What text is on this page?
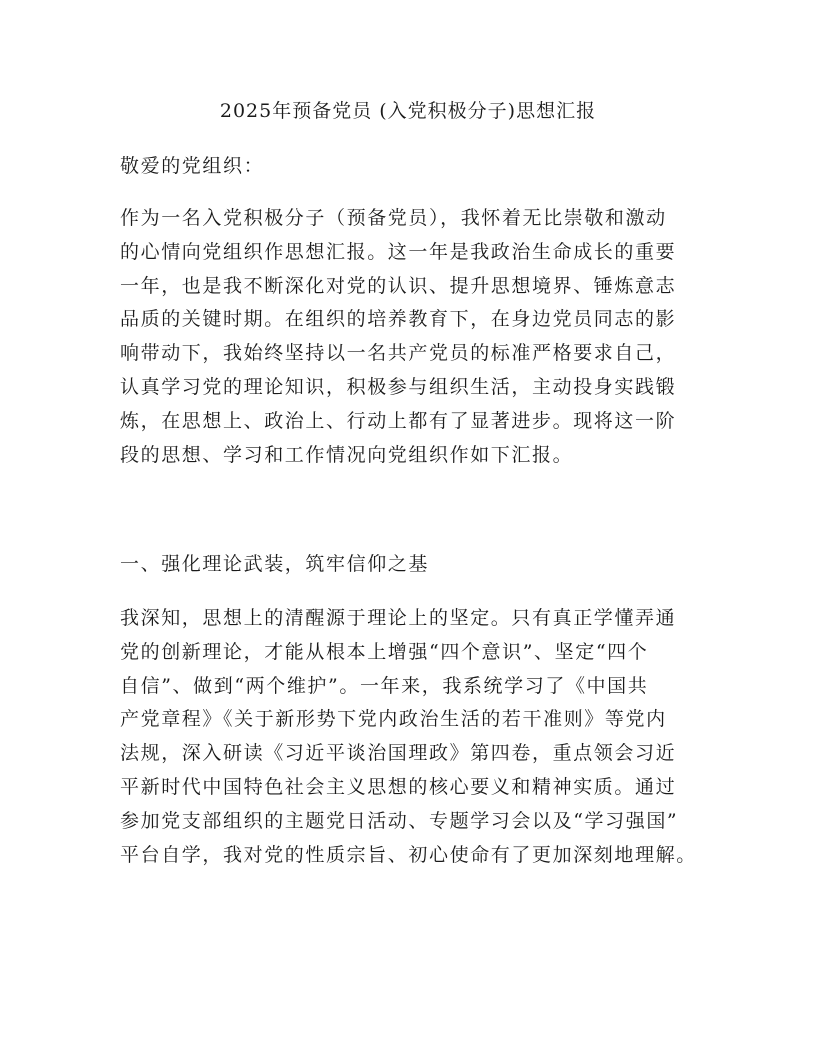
2025年预备党员 (入党积极分子)思想汇报
敬爱的党组织：
作为一名入党积极分子（预备党员），我怀着无比崇敬和激动
的心情向党组织作思想汇报。这一年是我政治生命成长的重要
一年，也是我不断深化对党的认识、提升思想境界、锤炼意志
品质的关键时期。在组织的培养教育下，在身边党员同志的影
响带动下，我始终坚持以一名共产党员的标准严格要求自己，
认真学习党的理论知识，积极参与组织生活，主动投身实践锻
炼，在思想上、政治上、行动上都有了显著进步。现将这一阶
段的思想、学习和工作情况向党组织作如下汇报。
一、强化理论武装，筑牢信仰之基
我深知，思想上的清醒源于理论上的坚定。只有真正学懂弄通
党的创新理论，才能从根本上增强“四个意识”、坚定“四个
自信”、做到“两个维护”。一年来，我系统学习了《中国共
产党章程》《关于新形势下党内政治生活的若干准则》等党内
法规，深入研读《习近平谈治国理政》第四卷，重点领会习近
平新时代中国特色社会主义思想的核心要义和精神实质。通过
参加党支部组织的主题党日活动、专题学习会以及“学习强国”
平台自学，我对党的性质宗旨、初心使命有了更加深刻地理解。
